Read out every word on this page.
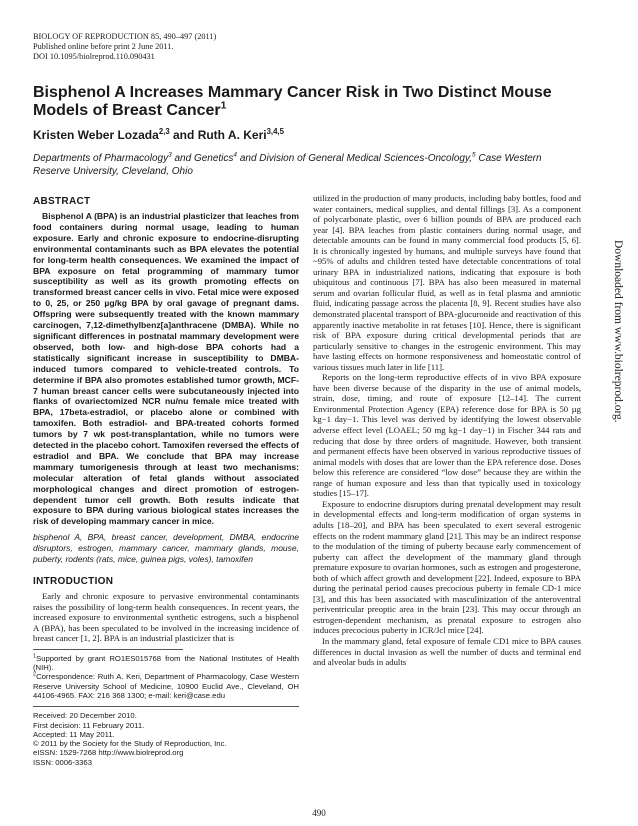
BIOLOGY OF REPRODUCTION 85, 490–497 (2011)
Published online before print 2 June 2011.
DOI 10.1095/biolreprod.110.090431
Bisphenol A Increases Mammary Cancer Risk in Two Distinct Mouse Models of Breast Cancer$^1$
Kristen Weber Lozada$^{2,3}$ and Ruth A. Keri$^{3,4,5}$
Departments of Pharmacology$^3$ and Genetics$^4$ and Division of General Medical Sciences-Oncology,$^5$ Case Western Reserve University, Cleveland, Ohio
ABSTRACT

Bisphenol A (BPA) is an industrial plasticizer that leaches from food containers during normal usage, leading to human exposure. Early and chronic exposure to endocrine-disrupting environmental contaminants such as BPA elevates the potential for long-term health consequences. We examined the impact of BPA exposure on fetal programming of mammary tumor susceptibility as well as its growth promoting effects on transformed breast cancer cells in vivo. Fetal mice were exposed to 0, 25, or 250 µg/kg BPA by oral gavage of pregnant dams. Offspring were subsequently treated with the known mammary carcinogen, 7,12-dimethylbenz[a]anthracene (DMBA). While no significant differences in postnatal mammary development were observed, both low- and high-dose BPA cohorts had a statistically significant increase in susceptibility to DMBA-induced tumors compared to vehicle-treated controls. To determine if BPA also promotes established tumor growth, MCF-7 human breast cancer cells were subcutaneously injected into flanks of ovariectomized NCR nu/nu female mice treated with BPA, 17beta-estradiol, or placebo alone or combined with tamoxifen. Both estradiol- and BPA-treated cohorts formed tumors by 7 wk post-transplantation, while no tumors were detected in the placebo cohort. Tamoxifen reversed the effects of estradiol and BPA. We conclude that BPA may increase mammary tumorigenesis through at least two mechanisms: molecular alteration of fetal glands without associated morphological changes and direct promotion of estrogen-dependent tumor cell growth. Both results indicate that exposure to BPA during various biological states increases the risk of developing mammary cancer in mice.

bisphenol A, BPA, breast cancer, development, DMBA, endocrine disruptors, estrogen, mammary cancer, mammary glands, mouse, puberty, rodents (rats, mice, guinea pigs, voles), tamoxifen

INTRODUCTION

Early and chronic exposure to pervasive environmental contaminants raises the possibility of long-term health consequences. In recent years, the increased exposure to environmental synthetic estrogens, such a bisphenol A (BPA), has been speculated to be involved in the increasing incidence of breast cancer [1, 2]. BPA is an industrial plasticizer that is

$^1$Supported by grant RO1ES015768 from the National Institutes of Health (NIH).

$^2$Correspondence: Ruth A. Keri, Department of Pharmacology, Case Western Reserve University School of Medicine, 10900 Euclid Ave., Cleveland, OH 44106-4965. FAX: 216 368 1300; e-mail: keri@case.edu

Received: 20 December 2010.

First decision: 11 February 2011.

Accepted: 11 May 2011.

© 2011 by the Society for the Study of Reproduction, Inc.

eISSN: 1529-7268 http://www.biolreprod.org

ISSN: 0006-3363

utilized in the production of many products, including baby bottles, food and water containers, medical supplies, and dental fillings [3]. As a component of polycarbonate plastic, over 6 billion pounds of BPA are produced each year [4]. BPA leaches from plastic containers during normal usage, and detectable amounts can be found in many commercial food products [5, 6]. It is chronically ingested by humans, and multiple surveys have found that ~95% of adults and children tested have detectable concentrations of total urinary BPA in industrialized nations, indicating that exposure is both ubiquitous and continuous [7]. BPA has also been measured in maternal serum and ovarian follicular fluid, as well as in fetal plasma and amniotic fluid, indicating passage across the placenta [8, 9]. Recent studies have also demonstrated placental transport of BPA-glucuronide and reactivation of this apparently inactive metabolite in rat fetuses [10]. Hence, there is significant risk of BPA exposure during critical developmental periods that are particularly sensitive to changes in the estrogenic environment. This may have lasting effects on hormone responsiveness and homeostatic control of various tissues much later in life [11].

Reports on the long-term reproductive effects of in vivo BPA exposure have been diverse because of the disparity in the use of animal models, strain, dose, timing, and route of exposure [12–14]. The current Environmental Protection Agency (EPA) reference dose for BPA is 50 µg kg−1 day−1. This level was derived by identifying the lowest observable adverse effect level (LOAEL; 50 mg kg−1 day−1) in Fischer 344 rats and reducing that dose by three orders of magnitude. However, both transient and permanent effects have been observed in various reproductive tissues of animal models with doses that are lower than the EPA reference dose. Doses below this reference are considered “low dose” because they are within the range of human exposure and less than that typically used in toxicology studies [15–17].

Exposure to endocrine disruptors during prenatal development may result in developmental effects and long-term modification of organ systems in adults [18–20], and BPA has been speculated to exert several estrogenic effects on the rodent mammary gland [21]. This may be an indirect response to the modulation of the timing of puberty because early commencement of puberty can affect the development of the mammary gland through premature exposure to ovarian hormones, such as estrogen and progesterone, both of which affect growth and development [22]. Indeed, exposure to BPA during the perinatal period causes precocious puberty in female CD-1 mice [3], and this has been associated with masculinization of the anteroventral periventricular preoptic area in the brain [23]. This may occur through an estrogen-dependent mechanism, as prenatal exposure to estrogen also induces precocious puberty in ICR/Jcl mice [24].

In the mammary gland, fetal exposure of female CD1 mice to BPA causes differences in ductal invasion as well the number of ducts and terminal end and alveolar buds in adults

490
Downloaded from www.biolreprod.org.
